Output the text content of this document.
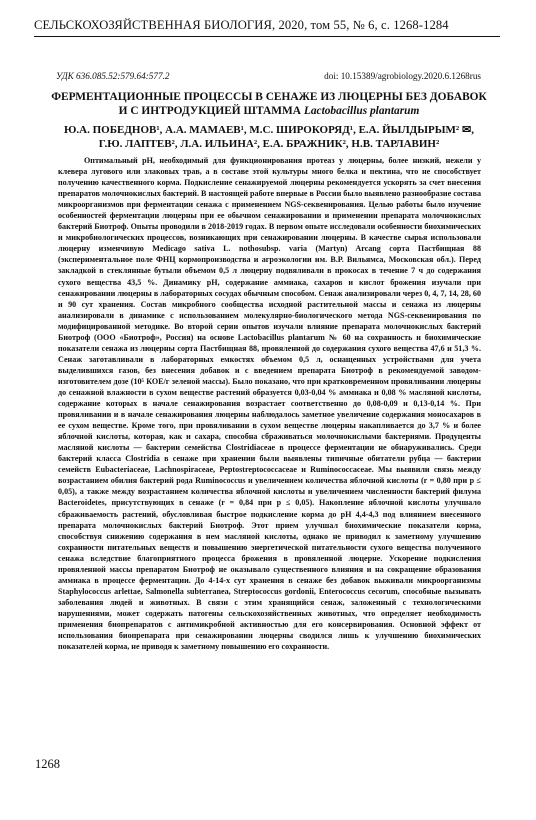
СЕЛЬСКОХОЗЯЙСТВЕННАЯ БИОЛОГИЯ, 2020, том 55, № 6, с. 1268-1284
УДК 636.085.52:579.64:577.2	doi: 10.15389/agrobiology.2020.6.1268rus
ФЕРМЕНТАЦИОННЫЕ ПРОЦЕССЫ В СЕНАЖЕ ИЗ ЛЮЦЕРНЫ БЕЗ ДОБАВОК И С ИНТРОДУКЦИЕЙ ШТАММА Lactobacillus plantarum
Ю.А. ПОБЕДНОВ¹, А.А. МАМАЕВ¹, М.С. ШИРОКОРЯД¹, Е.А. ЙЫЛДЫРЫМ² ✉,
Г.Ю. ЛАПТЕВ², Л.А. ИЛЬИНА², Е.А. БРАЖНИК², Н.В. ТАРЛАВИН²

Оптимальный pH, необходимый для функционирования протеаз у люцерны, более низкий, нежели у клевера лугового или злаковых трав, а в составе этой культуры много белка и пектина, что не способствует получению качественного корма. Подкисление сенажируемой люцерны рекомендуется ускорять за счет внесения препаратов молочнокислых бактерий. В настоящей работе впервые в России было выявлено разнообразие состава микроорганизмов при ферментации сенажа с применением NGS-секвенирования. Целью работы было изучение особенностей ферментации люцерны при ее обычном сенажировании и применении препарата молочнокислых бактерий Биотроф. Опыты проводили в 2018-2019 годах. В первом опыте исследовали особенности биохимических и микробиологических процессов, возникающих при сенажировании люцерны. В качестве сырья использовали люцерну изменчивую Medicago sativa L. nothosubsp. varia (Martyn) Arcang сорта Пастбищная 88 (экспериментальное поле ФНЦ кормопроизводства и агроэкологии им. В.Р. Вильямса, Московская обл.). Перед закладкой в стеклянные бутыли объемом 0,5 л люцерну подвяливали в прокосах в течение 7 ч до содержания сухого вещества 43,5 %. Динамику pH, содержание аммиака, сахаров и кислот брожения изучали при сенажировании люцерны в лабораторных сосудах обычным способом. Сенаж анализировали через 0, 4, 7, 14, 28, 60 и 90 сут хранения. Состав микробного сообщества исходной растительной массы и сенажа из люцерны анализировали в динамике с использованием молекулярно-биологического метода NGS-секвенирования по модифицированной методике. Во второй серии опытов изучали влияние препарата молочнокислых бактерий Биотроф (ООО «Биотроф», Россия) на основе Lactobacillus plantarum № 60 на сохранность и биохимические показатели сенажа из люцерны сорта Пастбищная 88, провяленной до содержания сухого вещества 47,6 и 51,3 %. Сенаж заготавливали в лабораторных емкостях объемом 0,5 л, оснащенных устройствами для учета выделившихся газов, без внесения добавок и с введением препарата Биотроф в рекомендуемой заводом-изготовителем дозе (10⁵ КОЕ/г зеленой массы). Было показано, что при кратковременном провяливании люцерны до сенажной влажности в сухом веществе растений образуется 0,03-0,04 % аммиака и 0,08 % масляной кислоты, содержание которых в начале сенажирования возрастает соответственно до 0,08-0,09 и 0,13-0,14 %. При провяливании и в начале сенажирования люцерны наблюдалось заметное увеличение содержания моносахаров в ее сухом веществе. Кроме того, при провяливании в сухом веществе люцерны накапливается до 3,7 % и более яблочной кислоты, которая, как и сахара, способна сбраживаться молочнокислыми бактериями. Продуценты масляной кислоты — бактерии семейства Clostridiaceae в процессе ферментации не обнаруживались. Среди бактерий класса Clostridia в сенаже при хранении были выявлены типичные обитатели рубца — бактерии семейств Eubacteriaceae, Lachnospiraceae, Peptostreptococcaceae и Ruminococcaceae. Мы выявили связь между возрастанием обилия бактерий рода Ruminococcus и увеличением количества яблочной кислоты (r = 0,80 при p ≤ 0,05), а также между возрастанием количества яблочной кислоты и увеличением численности бактерий филума Bacteroidetes, присутствующих в сенаже (r = 0,84 при p ≤ 0,05). Накопление яблочной кислоты улучшало сбраживаемость растений, обусловливая быстрое подкисление корма до pH 4,4-4,3 под влиянием внесенного препарата молочнокислых бактерий Биотроф. Этот прием улучшал биохимические показатели корма, способствуя снижению содержания в нем масляной кислоты, однако не приводил к заметному улучшению сохранности питательных веществ и повышению энергетической питательности сухого вещества полученного сенажа вследствие благоприятного процесса брожения в провяленной люцерне. Ускорение подкисления провяленной массы препаратом Биотроф не оказывало существенного влияния и на сокращение образования аммиака в процессе ферментации. До 4-14-х сут хранения в сенаже без добавок выживали микроорганизмы Staphylococcus arlettae, Salmonella subterranea, Streptococcus gordonii, Enterococcus cecorum, способные вызывать заболевания людей и животных. В связи с этим хранящийся сенаж, заложенный с технологическими нарушениями, может содержать патогены сельскохозяйственных животных, что определяет необходимость применения биопрепаратов с антимикробной активностью для его консервирования. Основной эффект от использования биопрепарата при сенажировании люцерны сводился лишь к улучшению биохимических показателей корма, не приводя к заметному повышению его сохранности.

1268
